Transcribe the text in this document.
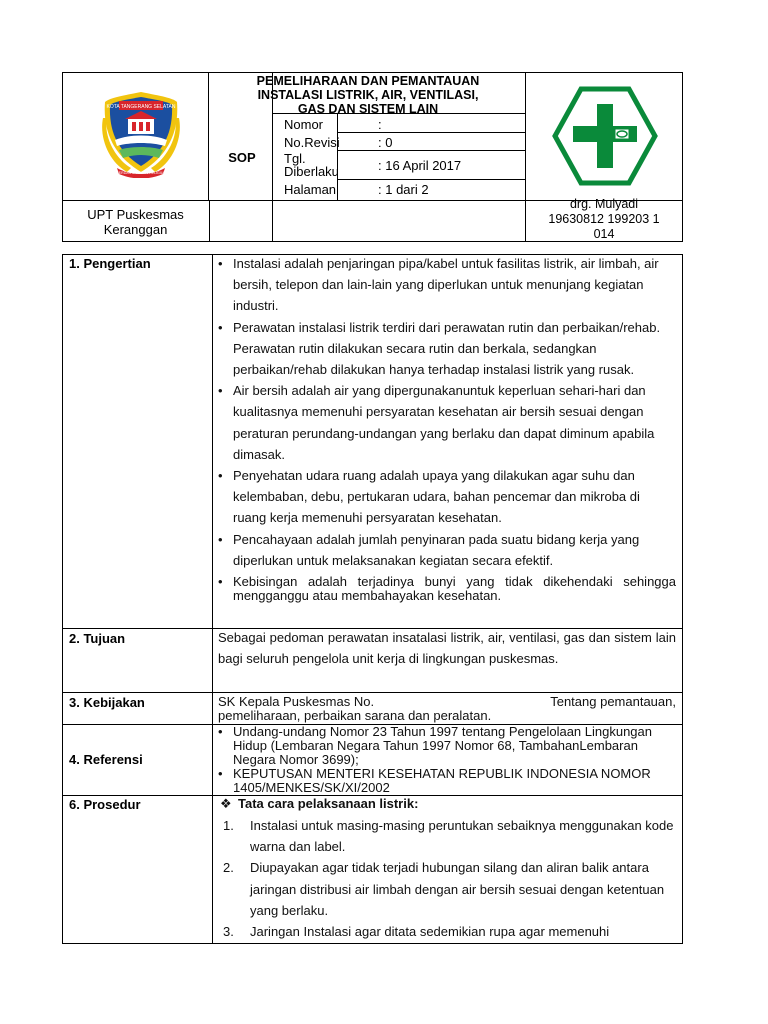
KOTA TANGERANG SELATAN
CERDAS MODERN RELIGIUS
PEMELIHARAAN DAN PEMANTAUAN
INSTALASI LISTRIK, AIR, VENTILASI,
GAS DAN SISTEM LAIN
SOP
Nomor	:
No.Revisi	: 0
Tgl.
Diberlaku	: 16 April 2017
Halaman	: 1 dari 2
UPT Puskesmas
Keranggan
drg. Mulyadi
19630812 199203 1
014
1. Pengertian
•	Instalasi adalah penjaringan pipa/kabel untuk fasilitas listrik, air limbah, air bersih, telepon dan lain-lain yang diperlukan untuk menunjang kegiatan industri.
• Perawatan instalasi listrik terdiri dari perawatan rutin dan perbaikan/rehab. Perawatan rutin dilakukan secara rutin dan berkala, sedangkan perbaikan/rehab dilakukan hanya terhadap instalasi listrik yang rusak.
• Air bersih adalah air yang dipergunakanuntuk keperluan sehari-hari dan kualitasnya memenuhi persyaratan kesehatan air bersih sesuai dengan peraturan perundang-undangan yang berlaku dan dapat diminum apabila dimasak.
• Penyehatan udara ruang adalah upaya yang dilakukan agar suhu dan kelembaban, debu, pertukaran udara, bahan pencemar dan mikroba di ruang kerja memenuhi persyaratan kesehatan.
• Pencahayaan adalah jumlah penyinaran pada suatu bidang kerja yang diperlukan untuk melaksanakan kegiatan secara efektif.
• Kebisingan adalah terjadinya bunyi yang tidak dikehendaki sehingga mengganggu atau membahayakan kesehatan.
2. Tujuan	Sebagai pedoman perawatan insatalasi listrik, air, ventilasi, gas dan sistem lain bagi seluruh pengelola unit kerja di lingkungan puskesmas.
3. Kebijakan	SK Kepala Puskesmas No.	Tentang pemantauan,
pemeliharaan, perbaikan sarana dan peralatan.
4. Referensi
• Undang-undang Nomor 23 Tahun 1997 tentang Pengelolaan Lingkungan Hidup (Lembaran Negara Tahun 1997 Nomor 68, TambahanLembaran Negara Nomor 3699);
• KEPUTUSAN MENTERI KESEHATAN REPUBLIK INDONESIA NOMOR 1405/MENKES/SK/XI/2002
6. Prosedur	❖ Tata cara pelaksanaan listrik:
1. Instalasi untuk masing-masing peruntukan sebaiknya menggunakan kode warna dan label.
2. Diupayakan agar tidak terjadi hubungan silang dan aliran balik antara jaringan distribusi air limbah dengan air bersih sesuai dengan ketentuan yang berlaku.
3. Jaringan Instalasi agar ditata sedemikian rupa agar memenuhi
